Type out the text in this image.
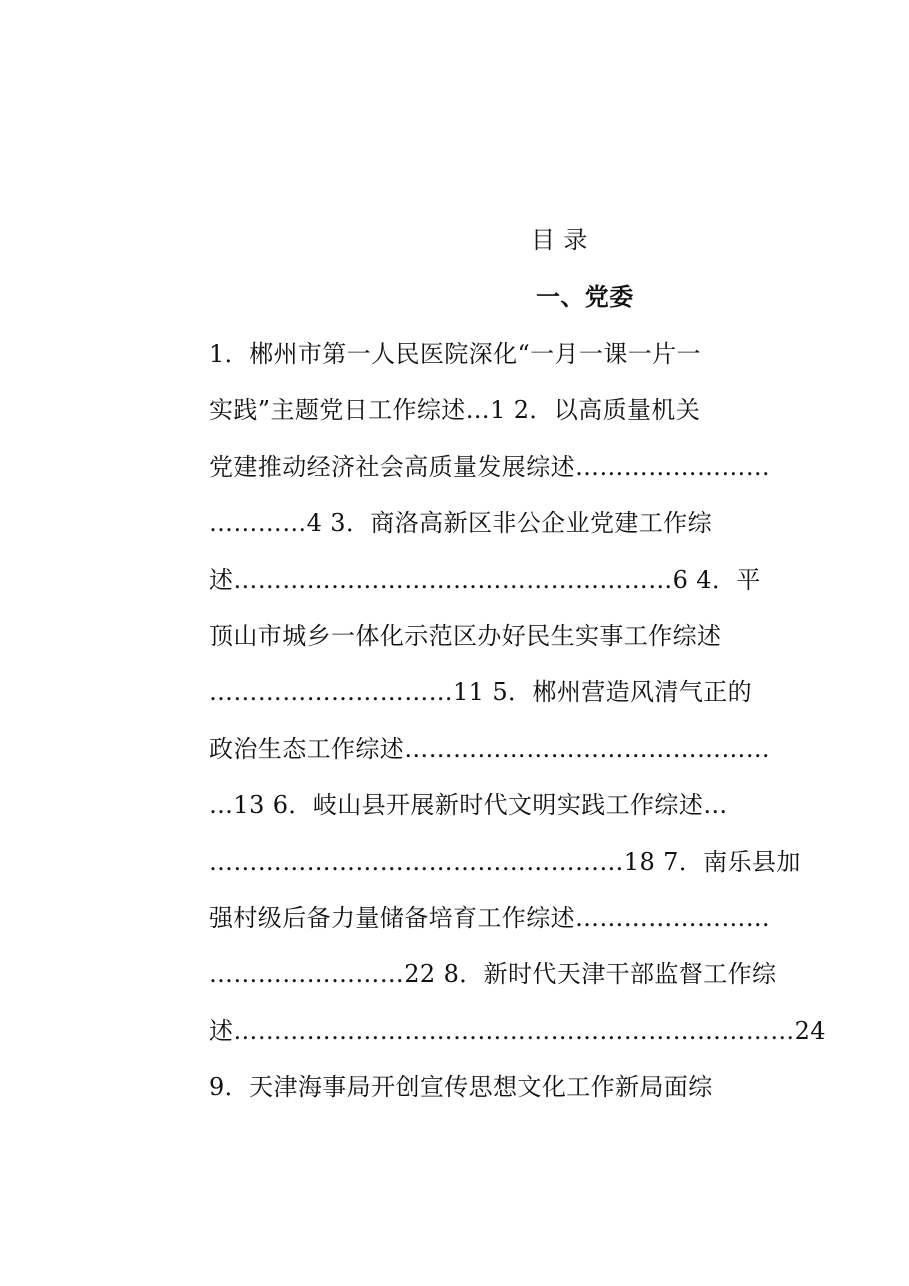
目 录
一、党委
1．郴州市第一人民医院深化“一月一课一片一
实践”主题党日工作综述…1 2．以高质量机关
党建推动经济社会高质量发展综述……………………
…………4 3．商洛高新区非公企业党建工作综
述………………………………………………6 4．平
顶山市城乡一体化示范区办好民生实事工作综述
…………………………11 5．郴州营造风清气正的
政治生态工作综述………………………………………
…13 6．岐山县开展新时代文明实践工作综述…
……………………………………………18 7．南乐县加
强村级后备力量储备培育工作综述……………………
……………………22 8．新时代天津干部监督工作综
述……………………………………………………………24
9．天津海事局开创宣传思想文化工作新局面综
